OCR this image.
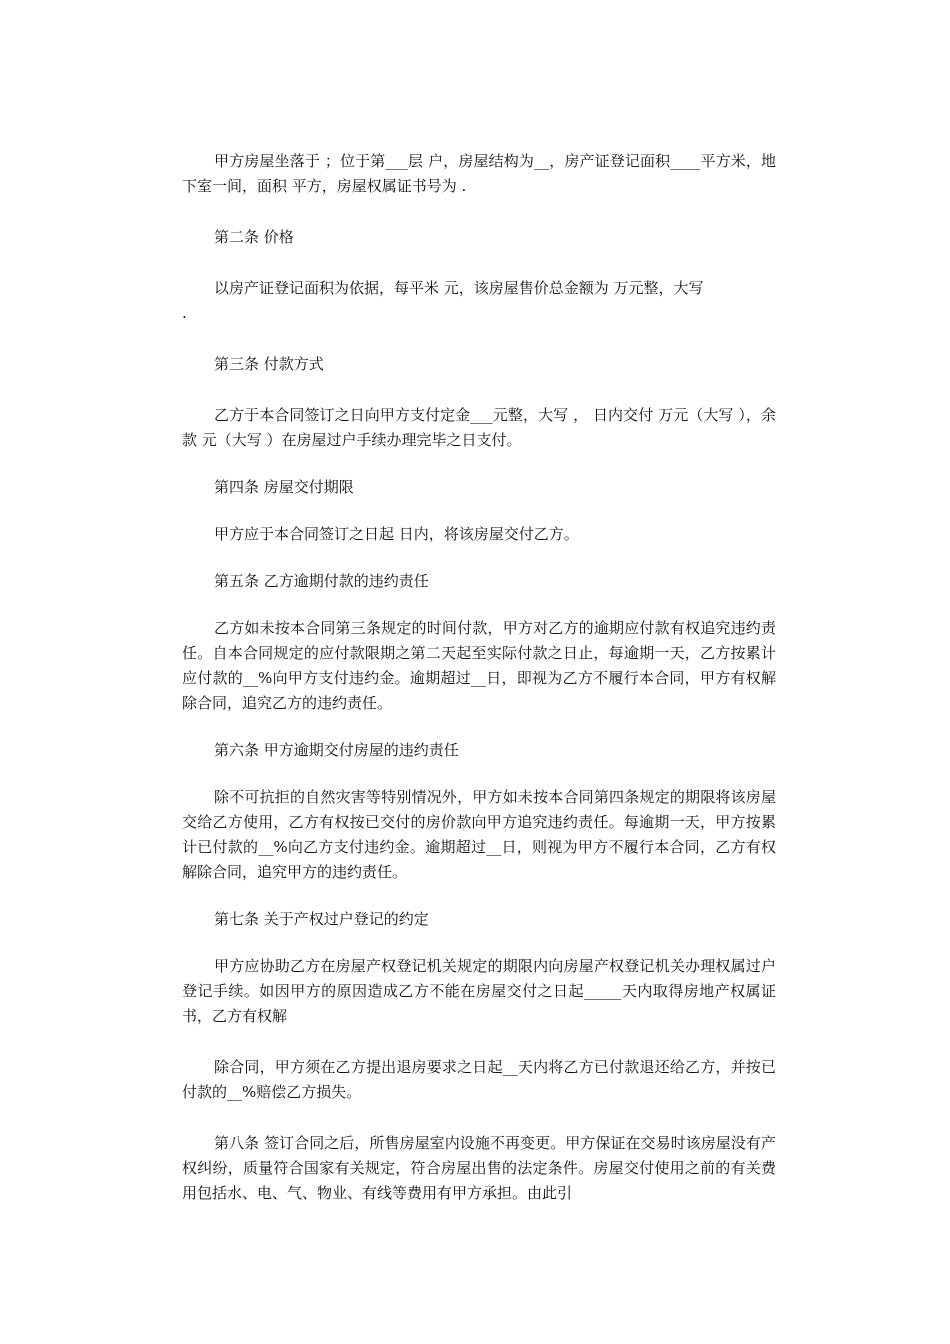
甲方房屋坐落于 ；位于第___层 户，房屋结构为__，房产证登记面积____平方米，地下室一间，面积 平方，房屋权属证书号为 .

第二条 价格

以房产证登记面积为依据，每平米 元，该房屋售价总金额为 万元整，大写

.

第三条 付款方式

乙方于本合同签订之日向甲方支付定金___元整，大写 ， 日内交付 万元（大写 ），余款 元（大写 ）在房屋过户手续办理完毕之日支付。

第四条 房屋交付期限

甲方应于本合同签订之日起 日内，将该房屋交付乙方。

第五条 乙方逾期付款的违约责任

乙方如未按本合同第三条规定的时间付款，甲方对乙方的逾期应付款有权追究违约责任。自本合同规定的应付款限期之第二天起至实际付款之日止，每逾期一天，乙方按累计应付款的__%向甲方支付违约金。逾期超过__日，即视为乙方不履行本合同，甲方有权解除合同，追究乙方的违约责任。

第六条 甲方逾期交付房屋的违约责任

除不可抗拒的自然灾害等特别情况外，甲方如未按本合同第四条规定的期限将该房屋交给乙方使用，乙方有权按已交付的房价款向甲方追究违约责任。每逾期一天，甲方按累计已付款的__%向乙方支付违约金。逾期超过__日，则视为甲方不履行本合同，乙方有权解除合同，追究甲方的违约责任。

第七条 关于产权过户登记的约定

甲方应协助乙方在房屋产权登记机关规定的期限内向房屋产权登记机关办理权属过户登记手续。如因甲方的原因造成乙方不能在房屋交付之日起_____天内取得房地产权属证书，乙方有权解

除合同，甲方须在乙方提出退房要求之日起__天内将乙方已付款退还给乙方，并按已付款的__%赔偿乙方损失。

第八条 签订合同之后，所售房屋室内设施不再变更。甲方保证在交易时该房屋没有产权纠纷，质量符合国家有关规定，符合房屋出售的法定条件。房屋交付使用之前的有关费用包括水、电、气、物业、有线等费用有甲方承担。由此引
